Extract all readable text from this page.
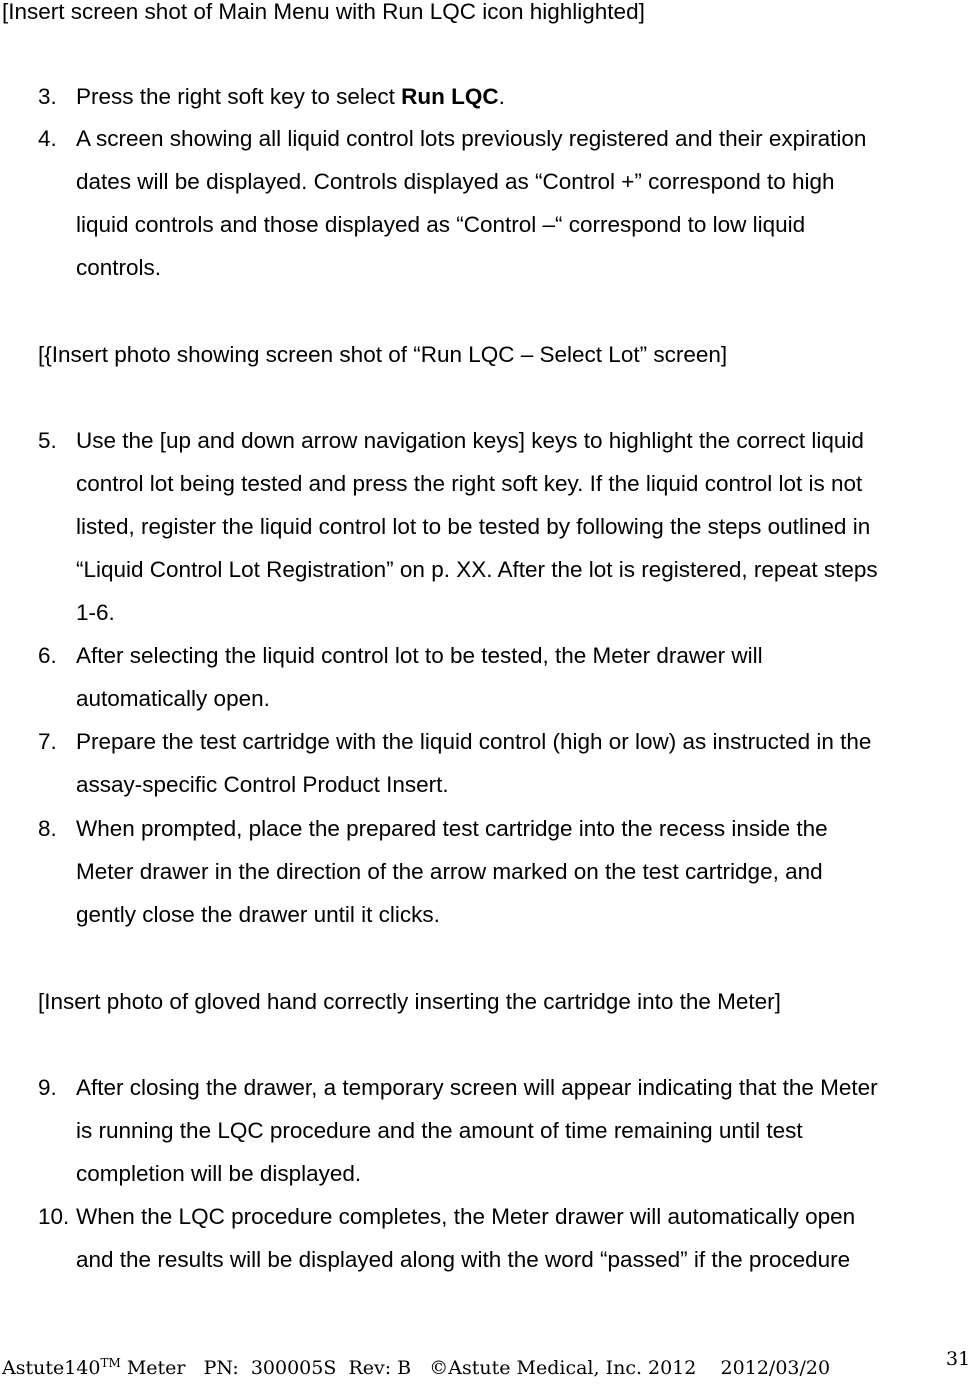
[Insert screen shot of Main Menu with Run LQC icon highlighted]
3. Press the right soft key to select Run LQC.
4. A screen showing all liquid control lots previously registered and their expiration
dates will be displayed. Controls displayed as “Control +” correspond to high
liquid controls and those displayed as “Control –“ correspond to low liquid
controls.
[{Insert photo showing screen shot of “Run LQC – Select Lot” screen]
5. Use the [up and down arrow navigation keys] keys to highlight the correct liquid
control lot being tested and press the right soft key. If the liquid control lot is not
listed, register the liquid control lot to be tested by following the steps outlined in
“Liquid Control Lot Registration” on p. XX. After the lot is registered, repeat steps
1-6.
6. After selecting the liquid control lot to be tested, the Meter drawer will
automatically open.
7. Prepare the test cartridge with the liquid control (high or low) as instructed in the
assay-specific Control Product Insert.
8. When prompted, place the prepared test cartridge into the recess inside the
Meter drawer in the direction of the arrow marked on the test cartridge, and
gently close the drawer until it clicks.
[Insert photo of gloved hand correctly inserting the cartridge into the Meter]
9. After closing the drawer, a temporary screen will appear indicating that the Meter
is running the LQC procedure and the amount of time remaining until test
completion will be displayed.
10. When the LQC procedure completes, the Meter drawer will automatically open
and the results will be displayed along with the word “passed” if the procedure
Astute140™ Meter   PN:  300005S  Rev: B   ©Astute Medical, Inc. 2012    2012/03/20	31
